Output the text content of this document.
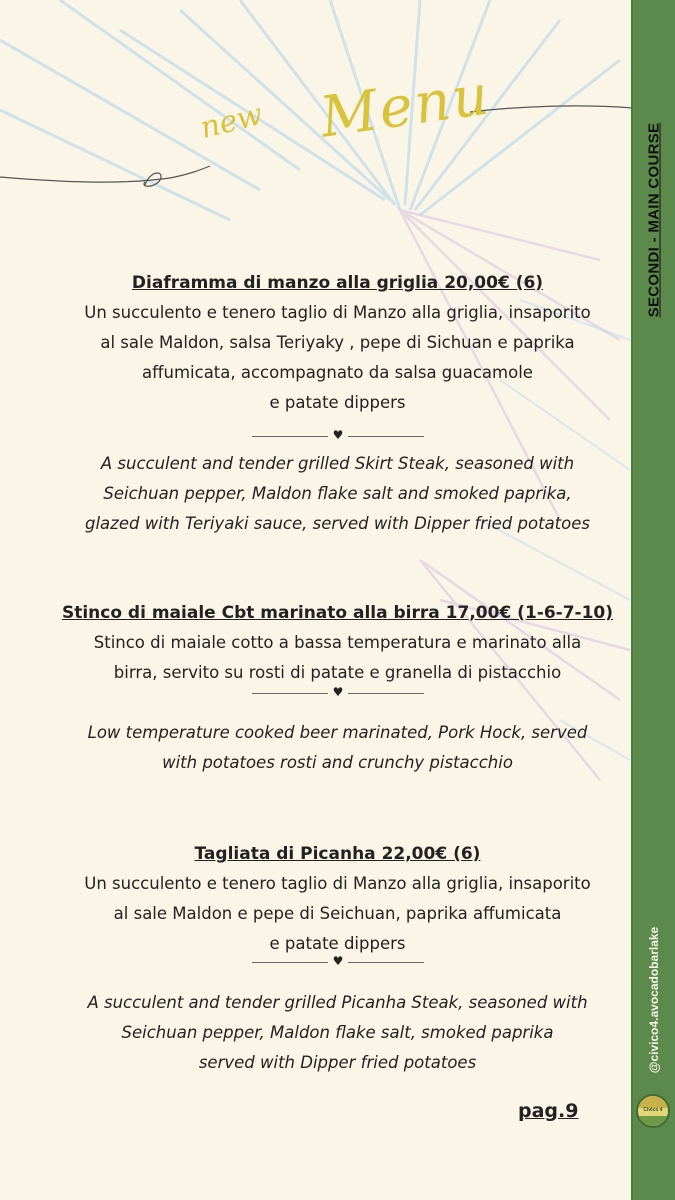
new Menu
Diaframma di manzo alla griglia 20,00€ (6)
Un succulento e tenero taglio di Manzo alla griglia, insaporito
al sale Maldon, salsa Teriyaky , pepe di Sichuan e paprika
affumicata, accompagnato da salsa guacamole
e patate dippers
♥
A succulent and tender grilled Skirt Steak, seasoned with
Seichuan pepper, Maldon flake salt and smoked paprika,
glazed with Teriyaki sauce, served with Dipper fried potatoes
Stinco di maiale Cbt marinato alla birra 17,00€ (1-6-7-10)
Stinco di maiale cotto a bassa temperatura e marinato alla
birra, servito su rosti di patate e granella di pistacchio
♥
Low temperature cooked beer marinated, Pork Hock, served
with potatoes rosti and crunchy pistacchio
Tagliata di Picanha 22,00€ (6)
Un succulento e tenero taglio di Manzo alla griglia, insaporito
al sale Maldon e pepe di Seichuan, paprika affumicata
e patate dippers
♥
A succulent and tender grilled Picanha Steak, seasoned with
Seichuan pepper, Maldon flake salt, smoked paprika
served with Dipper fried potatoes
pag.9
SECONDI - MAIN COURSE
@civico4.avocadobarlake
Civico 4
